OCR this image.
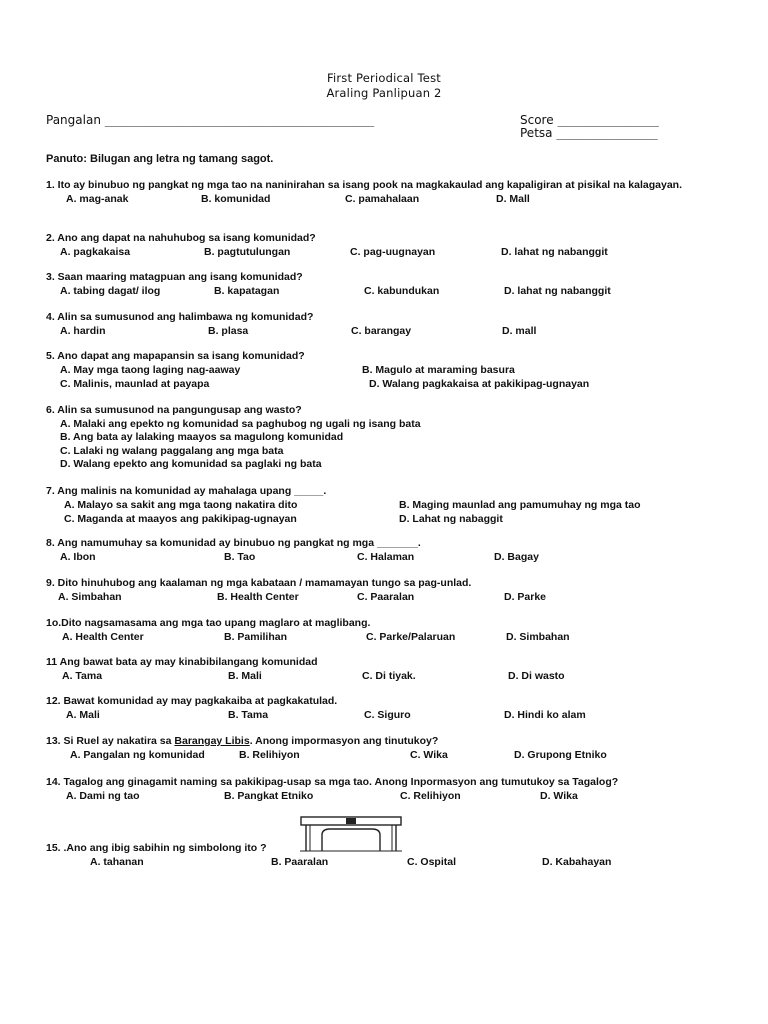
First Periodical Test
Araling Panlipuan 2
Pangalan ________________________________________	Score _______________
Petsa _______________
Panuto: Bilugan ang letra ng tamang sagot.
1. Ito ay binubuo ng pangkat ng mga tao na naninirahan sa isang pook na magkakaulad ang kapaligiran at pisikal na kalagayan.
A. mag-anak	B. komunidad	C. pamahalaan	D. Mall
2. Ano ang dapat na nahuhubog sa isang komunidad?
A. pagkakaisa	B. pagtutulungan	C. pag-uugnayan	D. lahat ng nabanggit
3. Saan maaring matagpuan ang isang komunidad?
A. tabing dagat/ ilog	B. kapatagan	C. kabundukan	D. lahat ng nabanggit
4. Alin sa sumusunod ang halimbawa ng komunidad?
A. hardin	B. plasa	C. barangay	D. mall
5. Ano dapat ang mapapansin sa isang komunidad?
A. May mga taong laging nag-aaway	B. Magulo at maraming basura
C. Malinis, maunlad at payapa	D. Walang pagkakaisa at pakikipag-ugnayan
6. Alin sa sumusunod na pangungusap ang wasto?
A. Malaki ang epekto ng komunidad sa paghubog ng ugali ng isang bata
B. Ang bata ay lalaking maayos sa magulong komunidad
C. Lalaki ng walang paggalang ang mga bata
D. Walang epekto ang komunidad sa paglaki ng bata
7. Ang malinis na komunidad ay mahalaga upang _____.
A. Malayo sa sakit ang mga taong nakatira dito	B. Maging maunlad ang pamumuhay ng mga tao
C. Maganda at maayos ang pakikipag-ugnayan	D. Lahat ng nabaggit
8. Ang namumuhay sa komunidad ay binubuo ng pangkat ng mga _______.
A. Ibon	B. Tao	C. Halaman	D. Bagay
9. Dito hinuhubog ang kaalaman ng mga kabataan / mamamayan tungo sa pag-unlad.
A. Simbahan	B. Health Center	C. Paaralan	D. Parke
1o.Dito nagsamasama ang mga tao upang maglaro at maglibang.
A. Health Center	B. Pamilihan	C. Parke/Palaruan	D. Simbahan
11 Ang bawat bata ay may kinabibilangang komunidad
A. Tama	B. Mali	C. Di tiyak.	D. Di wasto
12. Bawat komunidad ay may pagkakaiba at pagkakatulad.
A. Mali	B. Tama	C. Siguro	D. Hindi ko alam
13. Si Ruel ay nakatira sa Barangay Libis. Anong impormasyon ang tinutukoy?
A. Pangalan ng komunidad	B. Relihiyon	C. Wika	D. Grupong Etniko
14. Tagalog ang ginagamit naming sa pakikipag-usap sa mga tao. Anong Inpormasyon ang tumutukoy sa Tagalog?
A. Dami ng tao	B. Pangkat Etniko	C. Relihiyon	D. Wika
15. .Ano ang ibig sabihin ng simbolong ito ?
A. tahanan	B. Paaralan	C. Ospital	D. Kabahayan
